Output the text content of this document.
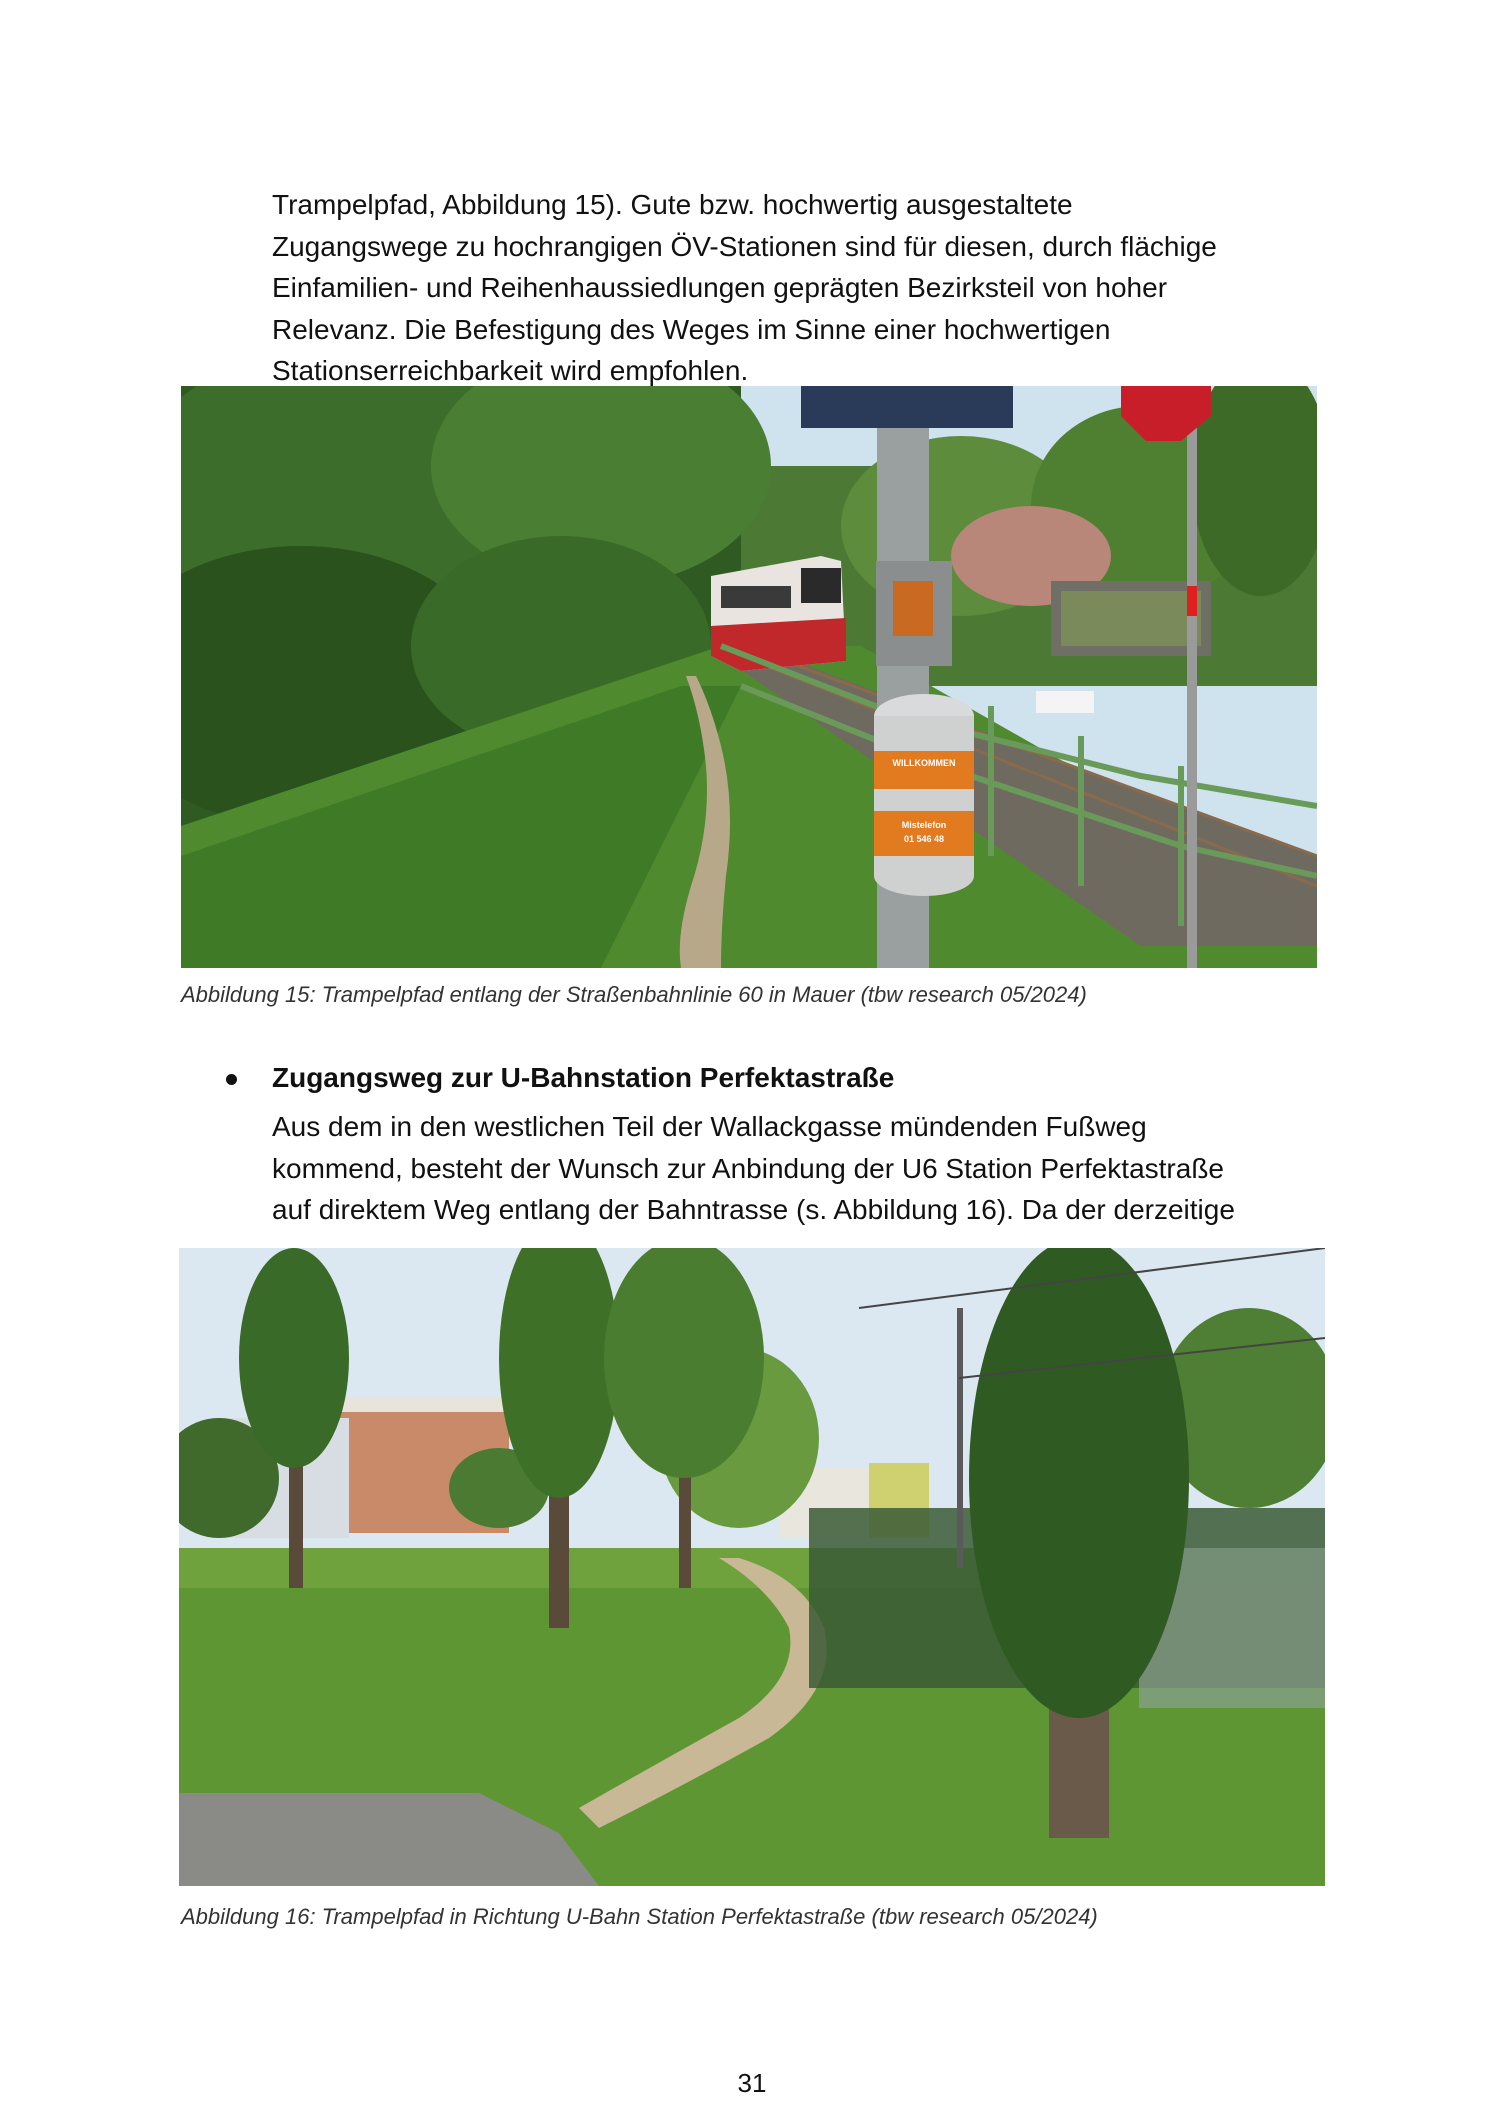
Trampelpfad, Abbildung 15). Gute bzw. hochwertig ausgestaltete
Zugangswege zu hochrangigen ÖV-Stationen sind für diesen, durch flächige
Einfamilien- und Reihenhaussiedlungen geprägten Bezirksteil von hoher
Relevanz. Die Befestigung des Weges im Sinne einer hochwertigen
Stationserreichbarkeit wird empfohlen.
WILLKOMMEN
Mistelefon
01 546 48

Abbildung 15: Trampelpfad entlang der Straßenbahnlinie 60 in Mauer (tbw research 05/2024)

Zugangsweg zur U-Bahnstation Perfektastraße

Aus dem in den westlichen Teil der Wallackgasse mündenden Fußweg
kommend, besteht der Wunsch zur Anbindung der U6 Station Perfektastraße
auf direktem Weg entlang der Bahntrasse (s. Abbildung 16). Da der derzeitige

Abbildung 16: Trampelpfad in Richtung U-Bahn Station Perfektastraße (tbw research 05/2024)

31
